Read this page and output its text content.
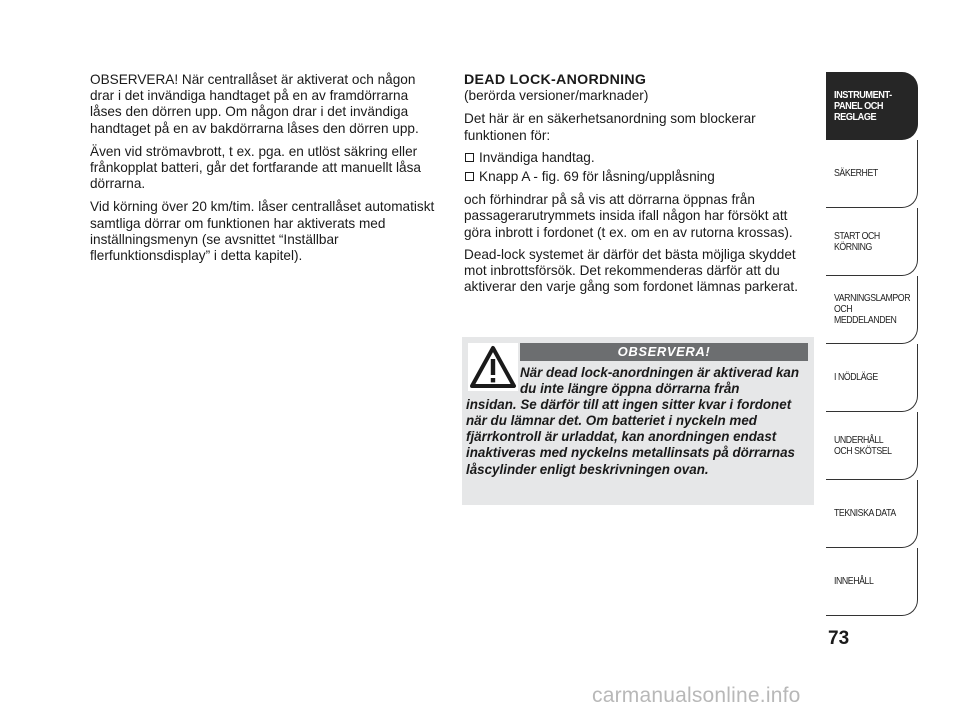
OBSERVERA! När centrallåset är aktiverat och någon drar i det invändiga handtaget på en av framdörrarna låses den dörren upp. Om någon drar i det invändiga handtaget på en av bakdörrarna låses den dörren upp.

Även vid strömavbrott, t ex. pga. en utlöst säkring eller frånkopplat batteri, går det fortfarande att manuellt låsa dörrarna.

Vid körning över 20 km/tim. låser centrallåset automatiskt samtliga dörrar om funktionen har aktiverats med inställningsmenyn (se avsnittet “Inställbar flerfunktionsdisplay” i detta kapitel).

DEAD LOCK-ANORDNING
(berörda versioner/marknader)

Det här är en säkerhetsanordning som blockerar funktionen för:

Invändiga handtag.
Knapp A - fig. 69 för låsning/upplåsning

och förhindrar på så vis att dörrarna öppnas från passagerarutrymmets insida ifall någon har försökt att göra inbrott i fordonet (t ex. om en av rutorna krossas).

Dead-lock systemet är därför det bästa möjliga skyddet mot inbrottsförsök. Det rekommenderas därför att du aktiverar den varje gång som fordonet lämnas parkerat.

OBSERVERA!
När dead lock-anordningen är aktiverad kan du inte längre öppna dörrarna från
insidan. Se därför till att ingen sitter kvar i fordonet när du lämnar det. Om batteriet i nyckeln med fjärrkontroll är urladdat, kan anordningen endast inaktiveras med nyckelns metallinsats på dörrarnas låscylinder enligt beskrivningen ovan.
INSTRUMENT-
PANEL OCH
REGLAGE
SÄKERHET
START OCH
KÖRNING
VARNINGSLAMPOR
OCH
MEDDELANDEN
I NÖDLÄGE
UNDERHÅLL
OCH SKÖTSEL
TEKNISKA DATA
INNEHÅLL
73
carmanualsonline.info
